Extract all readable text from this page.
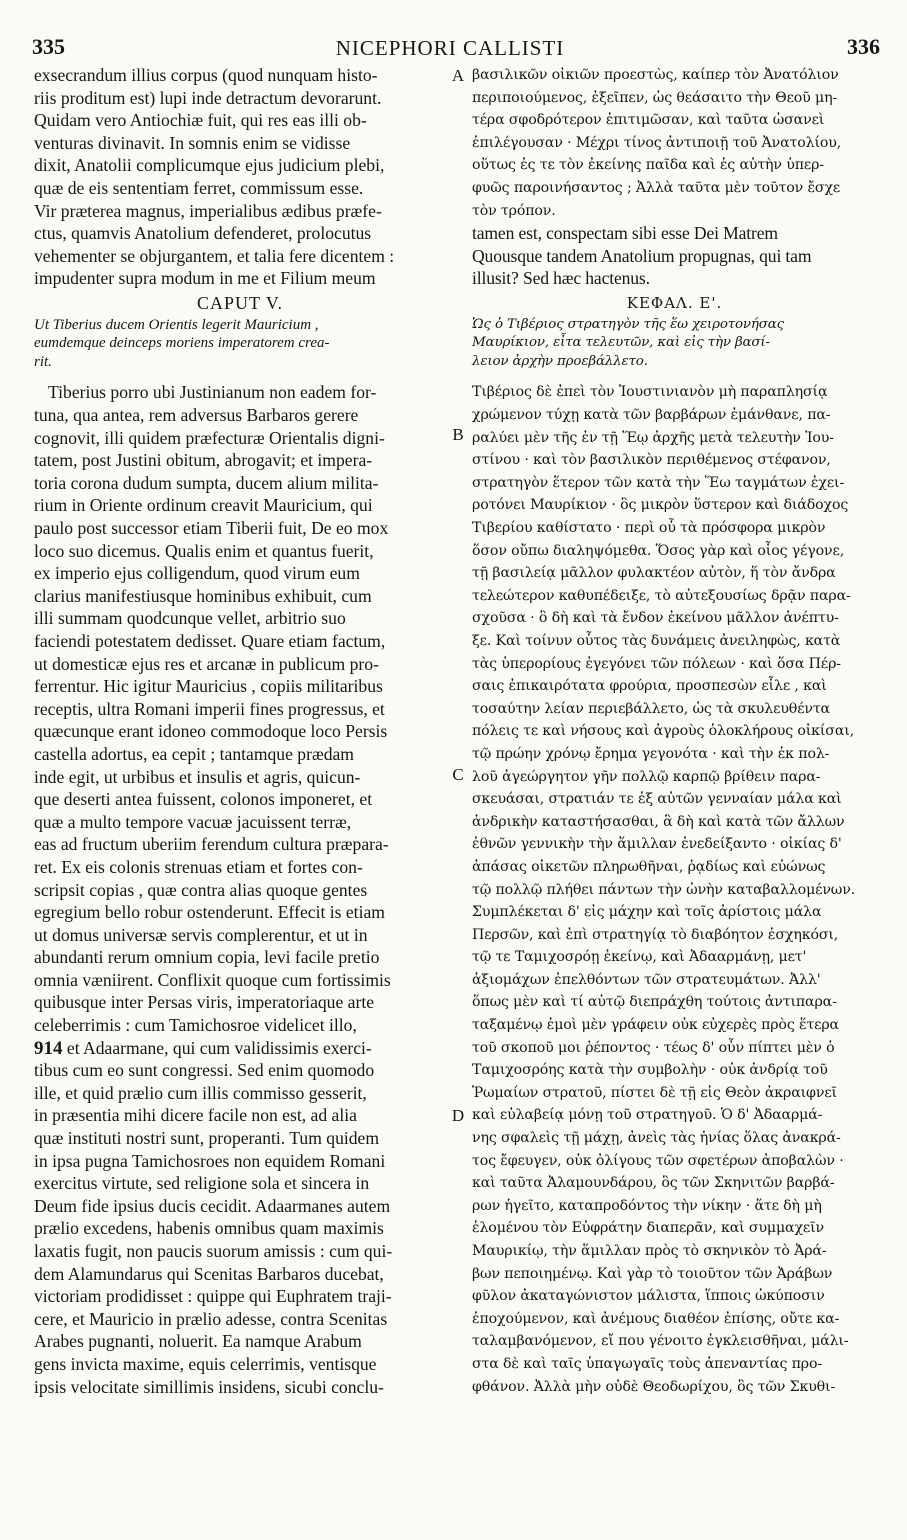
335	NICEPHORI CALLISTI	336
A
B
C
D
exsecrandum illius corpus (quod nunquam histo-
riis proditum est) lupi inde detractum devorarunt.
Quidam vero Antiochiæ fuit, qui res eas illi ob-
venturas divinavit. In somnis enim se vidisse
dixit, Anatolii complicumque ejus judicium plebi,
quæ de eis sententiam ferret, commissum esse.
Vir præterea magnus, imperialibus ædibus præfe-
ctus, quamvis Anatolium defenderet, prolocutus
vehementer se objurgantem, et talia fere dicentem :
impudenter supra modum in me et Filium meum
CAPUT V.
Ut Tiberius ducem Orientis legerit Mauricium ,
eumdemque deinceps moriens imperatorem crea-
rit.
Tiberius porro ubi Justinianum non eadem for-
tuna, qua antea, rem adversus Barbaros gerere
cognovit, illi quidem præfecturæ Orientalis digni-
tatem, post Justini obitum, abrogavit; et impera-
toria corona dudum sumpta, ducem alium milita-
rium in Oriente ordinum creavit Mauricium, qui
paulo post successor etiam Tiberii fuit, De eo mox
loco suo dicemus. Qualis enim et quantus fuerit,
ex imperio ejus colligendum, quod virum eum
clarius manifestiusque hominibus exhibuit, cum
illi summam quodcunque vellet, arbitrio suo
faciendi potestatem dedisset. Quare etiam factum,
ut domesticæ ejus res et arcanæ in publicum pro-
ferrentur. Hic igitur Mauricius , copiis militaribus
receptis, ultra Romani imperii fines progressus, et
quæcunque erant idoneo commodoque loco Persis
castella adortus, ea cepit ; tantamque prædam
inde egit, ut urbibus et insulis et agris, quicun-
que deserti antea fuissent, colonos imponeret, et
quæ a multo tempore vacuæ jacuissent terræ,
eas ad fructum uberiim ferendum cultura præpara-
ret. Ex eis colonis strenuas etiam et fortes con-
scripsit copias , quæ contra alias quoque gentes
egregium bello robur ostenderunt. Effecit is etiam
ut domus universæ servis complerentur, et ut in
abundanti rerum omnium copia, levi facile pretio
omnia væniirent. Conflixit quoque cum fortissimis
quibusque inter Persas viris, imperatoriaque arte
celeberrimis : cum Tamichosroe videlicet illo,
914 et Adaarmane, qui cum validissimis exerci-
tibus cum eo sunt congressi. Sed enim quomodo
ille, et quid prælio cum illis commisso gesserit,
in præsentia mihi dicere facile non est, ad alia
quæ instituti nostri sunt, properanti. Tum quidem
in ipsa pugna Tamichosroes non equidem Romani
exercitus virtute, sed religione sola et sincera in
Deum fide ipsius ducis cecidit. Adaarmanes autem
prælio excedens, habenis omnibus quam maximis
laxatis fugit, non paucis suorum amissis : cum qui-
dem Alamundarus qui Scenitas Barbaros ducebat,
victoriam prodidisset : quippe qui Euphratem traji-
cere, et Mauricio in prælio adesse, contra Scenitas
Arabes pugnanti, noluerit. Ea namque Arabum
gens invicta maxime, equis celerrimis, ventisque
ipsis velocitate simillimis insidens, sicubi conclu-
βασιλικῶν οἰκιῶν προεστὼς, καίπερ τὸν Ἀνατόλιον
περιποιούμενος, ἐξεῖπεν, ὡς θεάσαιτο τὴν Θεοῦ μη-
τέρα σφοδρότερον ἐπιτιμῶσαν, καὶ ταῦτα ὡσανεὶ
ἐπιλέγουσαν · Μέχρι τίνος ἀντιποιῇ τοῦ Ἀνατολίου,
οὕτως ἐς τε τὸν ἐκείνης παῖδα καὶ ἐς αὐτὴν ὑπερ-
φυῶς παροινήσαντος ; Ἀλλὰ ταῦτα μὲν τοῦτον ἔσχε
τὸν τρόπον.
tamen est, conspectam sibi esse Dei Matrem
Quousque tandem Anatolium propugnas, qui tam
illusit? Sed hæc hactenus.
ΚΕΦΑΛ. Ε'.
Ὡς ὁ Τιβέριος στρατηγὸν τῆς ἕω χειροτονήσας
Μαυρίκιον, εἶτα τελευτῶν, καὶ εἰς τὴν βασί-
λειον ἀρχὴν προεβάλλετο.
Τιβέριος δὲ ἐπεὶ τὸν Ἰουστινιανὸν μὴ παραπλησίᾳ
χρώμενον τύχῃ κατὰ τῶν βαρβάρων ἐμάνθανε, πα-
ραλύει μὲν τῆς ἐν τῇ Ἕῳ ἀρχῆς μετὰ τελευτὴν Ἰου-
στίνου · καὶ τὸν βασιλικὸν περιθέμενος στέφανον,
στρατηγὸν ἕτερον τῶν κατὰ τὴν Ἕω ταγμάτων ἐχει-
ροτόνει Μαυρίκιον · ὃς μικρὸν ὕστερον καὶ διάδοχος
Τιβερίου καθίστατο · περὶ οὗ τὰ πρόσφορα μικρὸν
ὅσον οὔπω διαληψόμεθα. Ὅσος γὰρ καὶ οἷος γέγονε,
τῇ βασιλείᾳ μᾶλλον φυλακτέον αὐτὸν, ἥ τὸν ἄνδρα
τελεώτερον καθυπέδειξε, τὸ αὐτεξουσίως δρᾷν παρα-
σχοῦσα · ὃ δὴ καὶ τὰ ἔνδον ἐκείνου μᾶλλον ἀνέπτυ-
ξε. Καὶ τοίνυν οὗτος τὰς δυνάμεις ἀνειληφὼς, κατὰ
τὰς ὑπερορίους ἐγεγόνει τῶν πόλεων · καὶ ὅσα Πέρ-
σαις ἐπικαιρότατα φρούρια, προσπεσὼν εἷλε , καὶ
τοσαύτην λείαν περιεβάλλετο, ὡς τὰ σκυλευθέντα
πόλεις τε καὶ νήσους καὶ ἀγροὺς ὁλοκλήρους οἰκίσαι,
τῷ πρώην χρόνῳ ἔρημα γεγονότα · καὶ τὴν ἐκ πολ-
λοῦ ἀγεώργητον γῆν πολλῷ καρπῷ βρίθειν παρα-
σκευάσαι, στρατιάν τε ἐξ αὐτῶν γενναίαν μάλα καὶ
ἀνδρικὴν καταστήσασθαι, ἃ δὴ καὶ κατὰ τῶν ἄλλων
ἐθνῶν γεννικὴν τὴν ἅμιλλαν ἐνεδείξαντο · οἰκίας δ'
ἁπάσας οἰκετῶν πληρωθῆναι, ῥᾳδίως καὶ εὐώνως
τῷ πολλῷ πλήθει πάντων τὴν ὠνὴν καταβαλλομένων.
Συμπλέκεται δ' εἰς μάχην καὶ τοῖς ἀρίστοις μάλα
Περσῶν, καὶ ἐπὶ στρατηγίᾳ τὸ διαβόητον ἐσχηκόσι,
τῷ τε Ταμιχοσρόῃ ἐκείνῳ, καὶ Ἀδααρμάνῃ, μετ'
ἀξιομάχων ἐπελθόντων τῶν στρατευμάτων. Ἀλλ'
ὅπως μὲν καὶ τί αὐτῷ διεπράχθη τούτοις ἀντιπαρα-
ταξαμένῳ ἐμοὶ μὲν γράφειν οὐκ εὐχερὲς πρὸς ἕτερα
τοῦ σκοποῦ μοι ῥέποντος · τέως δ' οὖν πίπτει μὲν ὁ
Ταμιχοσρόης κατὰ τὴν συμβολὴν · οὐκ ἀνδρίᾳ τοῦ
Ῥωμαίων στρατοῦ, πίστει δὲ τῇ εἰς Θεὸν ἀκραιφνεῖ
καὶ εὐλαβείᾳ μόνῃ τοῦ στρατηγοῦ. Ὁ δ' Ἀδααρμά-
νης σφαλεὶς τῇ μάχῃ, ἀνεὶς τὰς ἡνίας ὅλας ἀνακρά-
τος ἔφευγεν, οὐκ ὀλίγους τῶν σφετέρων ἀποβαλὼν ·
καὶ ταῦτα Ἀλαμουνδάρου, ὃς τῶν Σκηνιτῶν βαρβά-
ρων ἡγεῖτο, καταπροδόντος τὴν νίκην · ἅτε δὴ μὴ
ἑλομένου τὸν Εὐφράτην διαπερᾶν, καὶ συμμαχεῖν
Μαυρικίῳ, τὴν ἅμιλλαν πρὸς τὸ σκηνικὸν τὸ Ἀρά-
βων πεποιημένῳ. Καὶ γὰρ τὸ τοιοῦτον τῶν Ἀράβων
φῦλον ἀκαταγώνιστον μάλιστα, ἵπποις ὠκύποσιν
ἐποχούμενον, καὶ ἀνέμους διαθέον ἐπίσης, οὔτε κα-
ταλαμβανόμενον, εἴ που γένοιτο ἐγκλεισθῆναι, μάλι-
στα δὲ καὶ ταῖς ὑπαγωγαῖς τοὺς ἀπεναντίας προ-
φθάνον. Ἀλλὰ μὴν οὐδὲ Θεοδωρίχου, ὃς τῶν Σκυθι-
